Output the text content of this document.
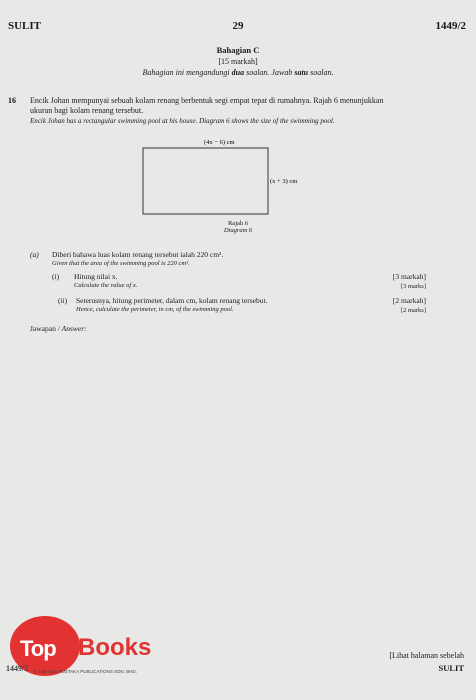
SULIT	29	1449/2
Bahagian C
[15 markah]
Bahagian ini mengandungi dua soalan. Jawab satu soalan.
16 Encik Johan mempunyai sebuah kolam renang berbentuk segi empat tepat di rumahnya. Rajah 6 menunjukkan
ukuran bagi kolam renang tersebut.
Encik Johan has a rectangular swimming pool at his house. Diagram 6 shows the size of the swimming pool.
(4x − 6) cm
(x + 3) cm
Rajah 6
Diagram 6
(a) Diberi bahawa luas kolam renang tersebut ialah 220 cm².
Given that the area of the swimming pool is 220 cm².
(i) Hitung nilai x.
Calculate the value of x.
[3 markah]
[3 marks]
(ii) Seterusnya, hitung perimeter, dalam cm, kolam renang tersebut.
Hence, calculate the perimeter, in cm, of the swimming pool.
[2 markah]
[2 marks]
Jawapan / Answer:
Top Books
1449/2 © Hak cipta PUSTAKA PUBLICATIONS SDN. BHD.
[Lihat halaman sebelah
SULIT
